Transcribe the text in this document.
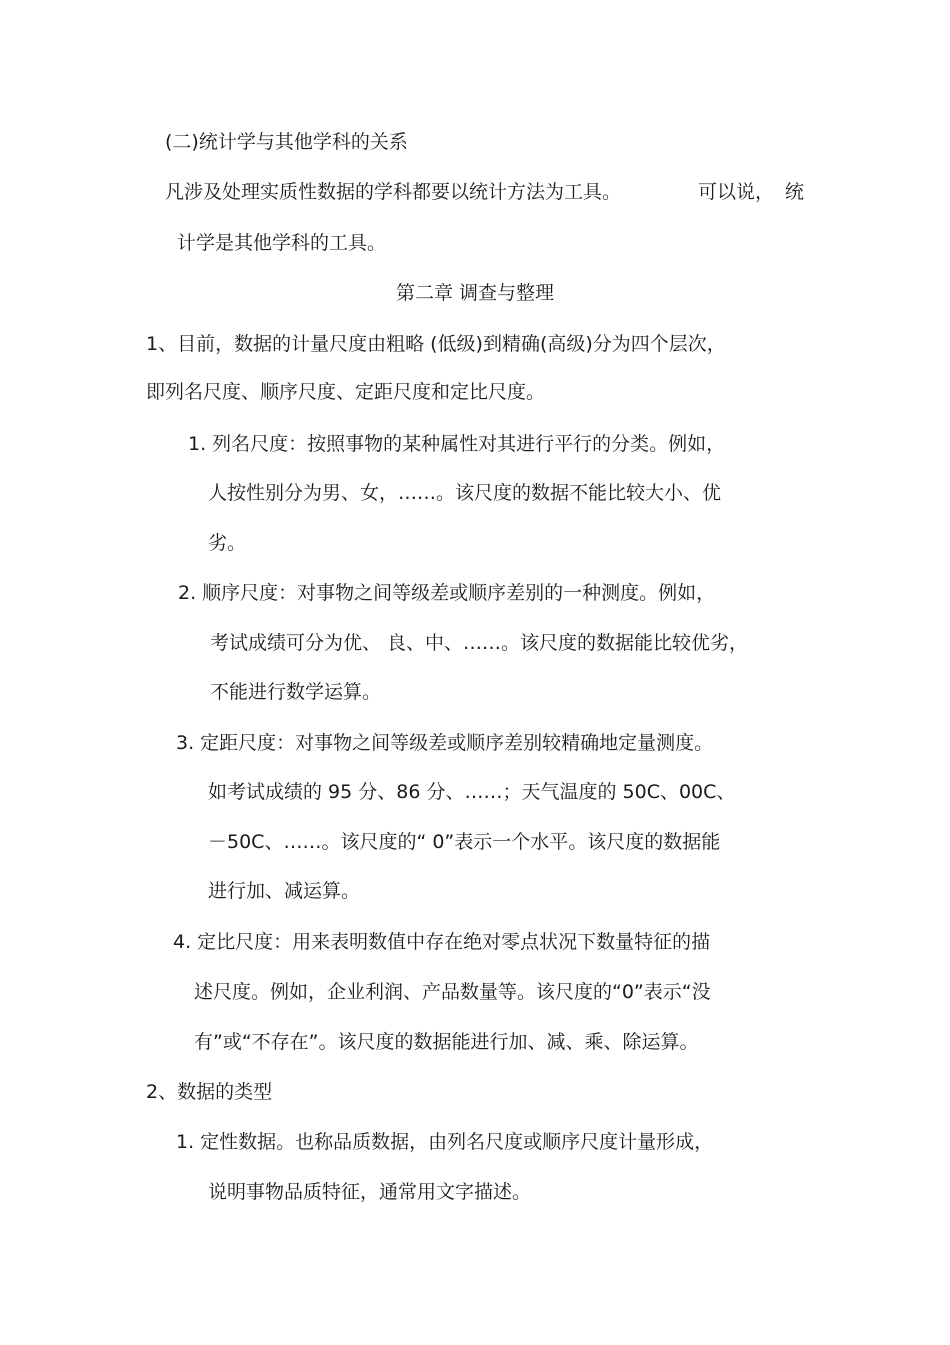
(二)统计学与其他学科的关系
凡涉及处理实质性数据的学科都要以统计方法为工具。	可以说， 统
计学是其他学科的工具。
第二章 调查与整理
1、目前，数据的计量尺度由粗略 (低级)到精确(高级)分为四个层次，
即列名尺度、顺序尺度、定距尺度和定比尺度。
1. 列名尺度：按照事物的某种属性对其进行平行的分类。例如，
人按性别分为男、女，……。该尺度的数据不能比较大小、优
劣。
2. 顺序尺度：对事物之间等级差或顺序差别的一种测度。例如，
考试成绩可分为优、 良、中、……。该尺度的数据能比较优劣，
不能进行数学运算。
3. 定距尺度：对事物之间等级差或顺序差别较精确地定量测度。
如考试成绩的 95 分、86 分、……；天气温度的 50C、00C、
－50C、……。该尺度的“ 0”表示一个水平。该尺度的数据能
进行加、减运算。
4. 定比尺度：用来表明数值中存在绝对零点状况下数量特征的描
述尺度。例如，企业利润、产品数量等。该尺度的“0”表示“没
有”或“不存在”。该尺度的数据能进行加、减、乘、除运算。
2、数据的类型
1. 定性数据。也称品质数据，由列名尺度或顺序尺度计量形成，
说明事物品质特征，通常用文字描述。
